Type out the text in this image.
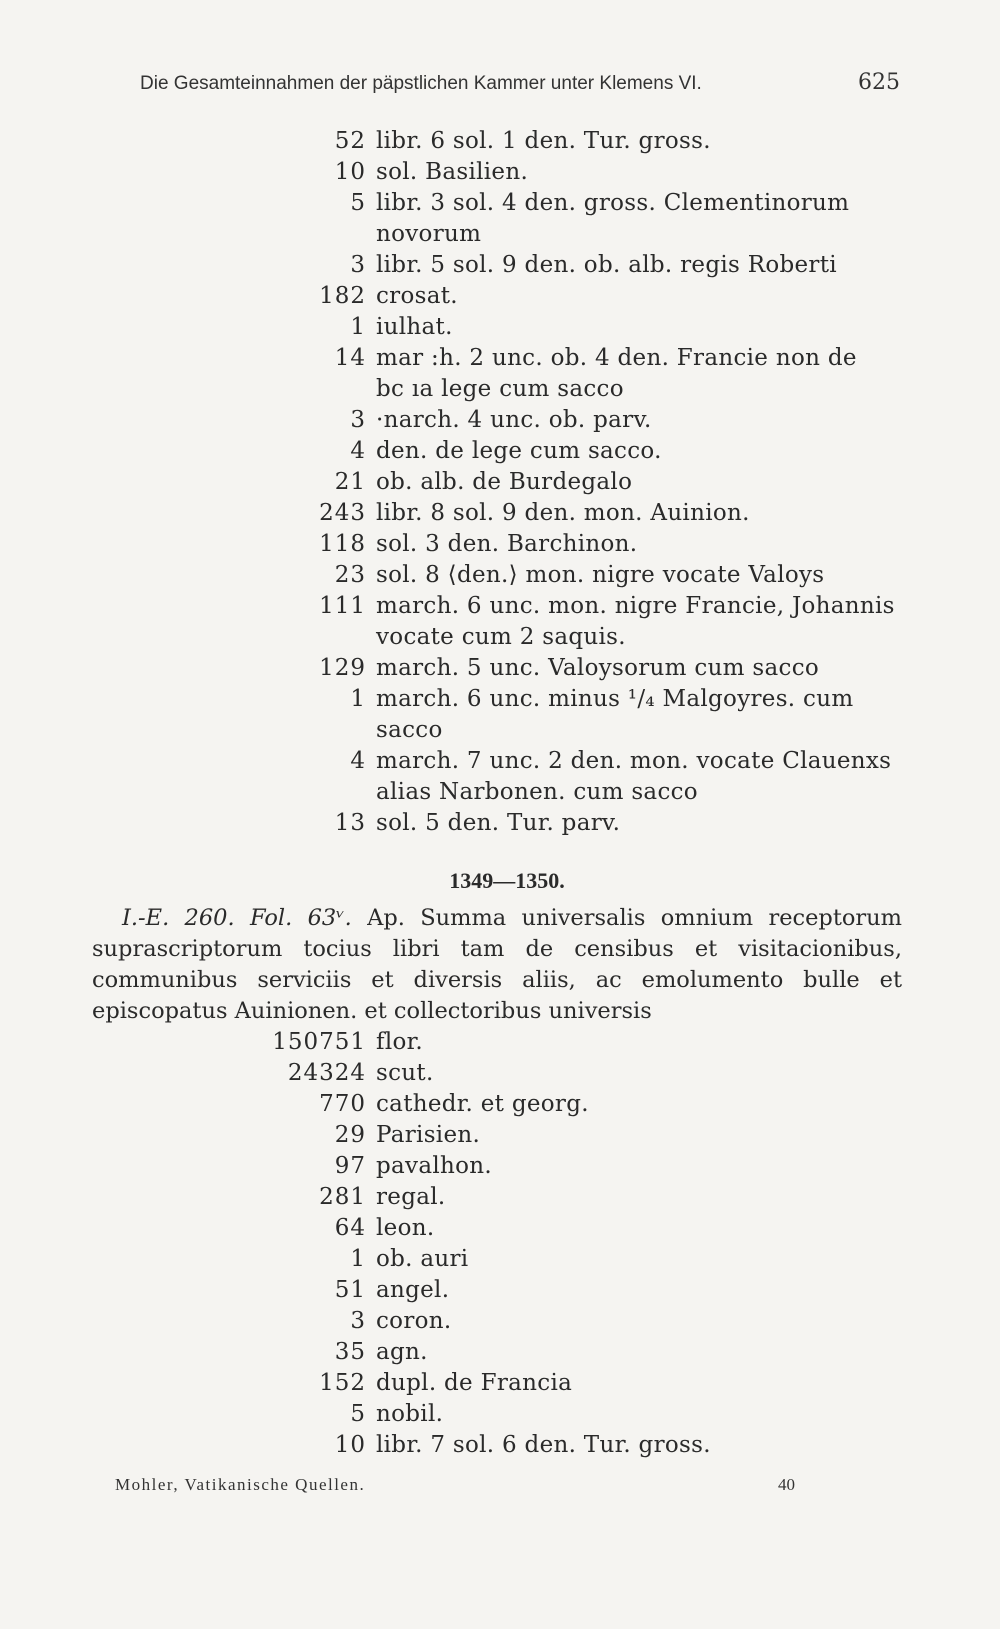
Die Gesamteinnahmen der päpstlichen Kammer unter Klemens VI.	625
52 libr. 6 sol. 1 den. Tur. gross.
10 sol. Basilien.
5 libr. 3 sol. 4 den. gross. Clementinorum
novorum
3 libr. 5 sol. 9 den. ob. alb. regis Roberti
182 crosat.
1 iulhat.
14 mar :h. 2 unc. ob. 4 den. Francie non de
bc ıa lege cum sacco
3 ·narch. 4 unc. ob. parv.
4 den. de lege cum sacco.
21 ob. alb. de Burdegalo
243 libr. 8 sol. 9 den. mon. Auinion.
118 sol. 3 den. Barchinon.
23 sol. 8 ⟨den.⟩ mon. nigre vocate Valoys
111 march. 6 unc. mon. nigre Francie, Johannis
vocate cum 2 saquis.
129 march. 5 unc. Valoysorum cum sacco
1 march. 6 unc. minus ¹/₄ Malgoyres. cum
sacco
4 march. 7 unc. 2 den. mon. vocate Clauenxs
alias Narbonen. cum sacco
13 sol. 5 den. Tur. parv.
1349—1350.
I.-E. 260. Fol. 63ᵛ. Ap. Summa universalis omnium receptorum suprascriptorum tocius libri tam de censibus et visitacionibus, communibus serviciis et diversis aliis, ac emolumento bulle et episcopatus Auinionen. et collectoribus universis
150751 flor.
24324 scut.
770 cathedr. et georg.
29 Parisien.
97 pavalhon.
281 regal.
64 leon.
1 ob. auri
51 angel.
3 coron.
35 agn.
152 dupl. de Francia
5 nobil.
10 libr. 7 sol. 6 den. Tur. gross.
Mohler, Vatikanische Quellen.	40
